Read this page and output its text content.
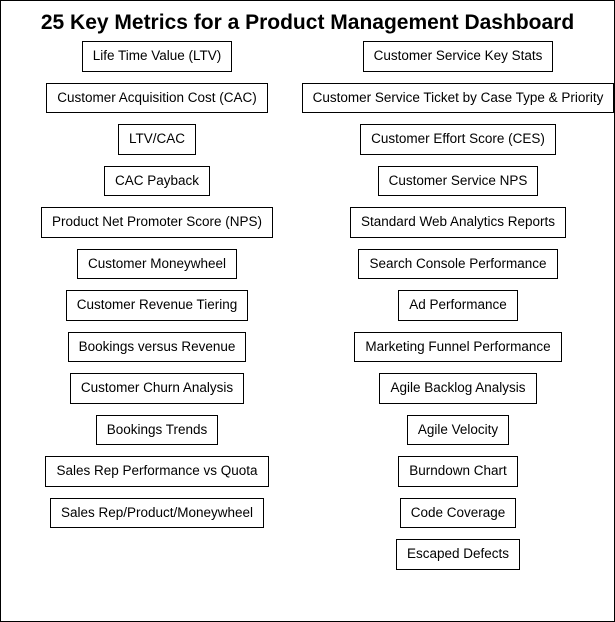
25 Key Metrics for a Product Management Dashboard
Life Time Value (LTV)
Customer Acquisition Cost (CAC)
LTV/CAC
CAC Payback
Product Net Promoter Score (NPS)
Customer Moneywheel
Customer Revenue Tiering
Bookings versus Revenue
Customer Churn Analysis
Bookings Trends
Sales Rep Performance vs Quota
Sales Rep/Product/Moneywheel
Customer Service Key Stats
Customer Service Ticket by Case Type & Priority
Customer Effort Score (CES)
Customer Service NPS
Standard Web Analytics Reports
Search Console Performance
Ad Performance
Marketing Funnel Performance
Agile Backlog Analysis
Agile Velocity
Burndown Chart
Code Coverage
Escaped Defects
